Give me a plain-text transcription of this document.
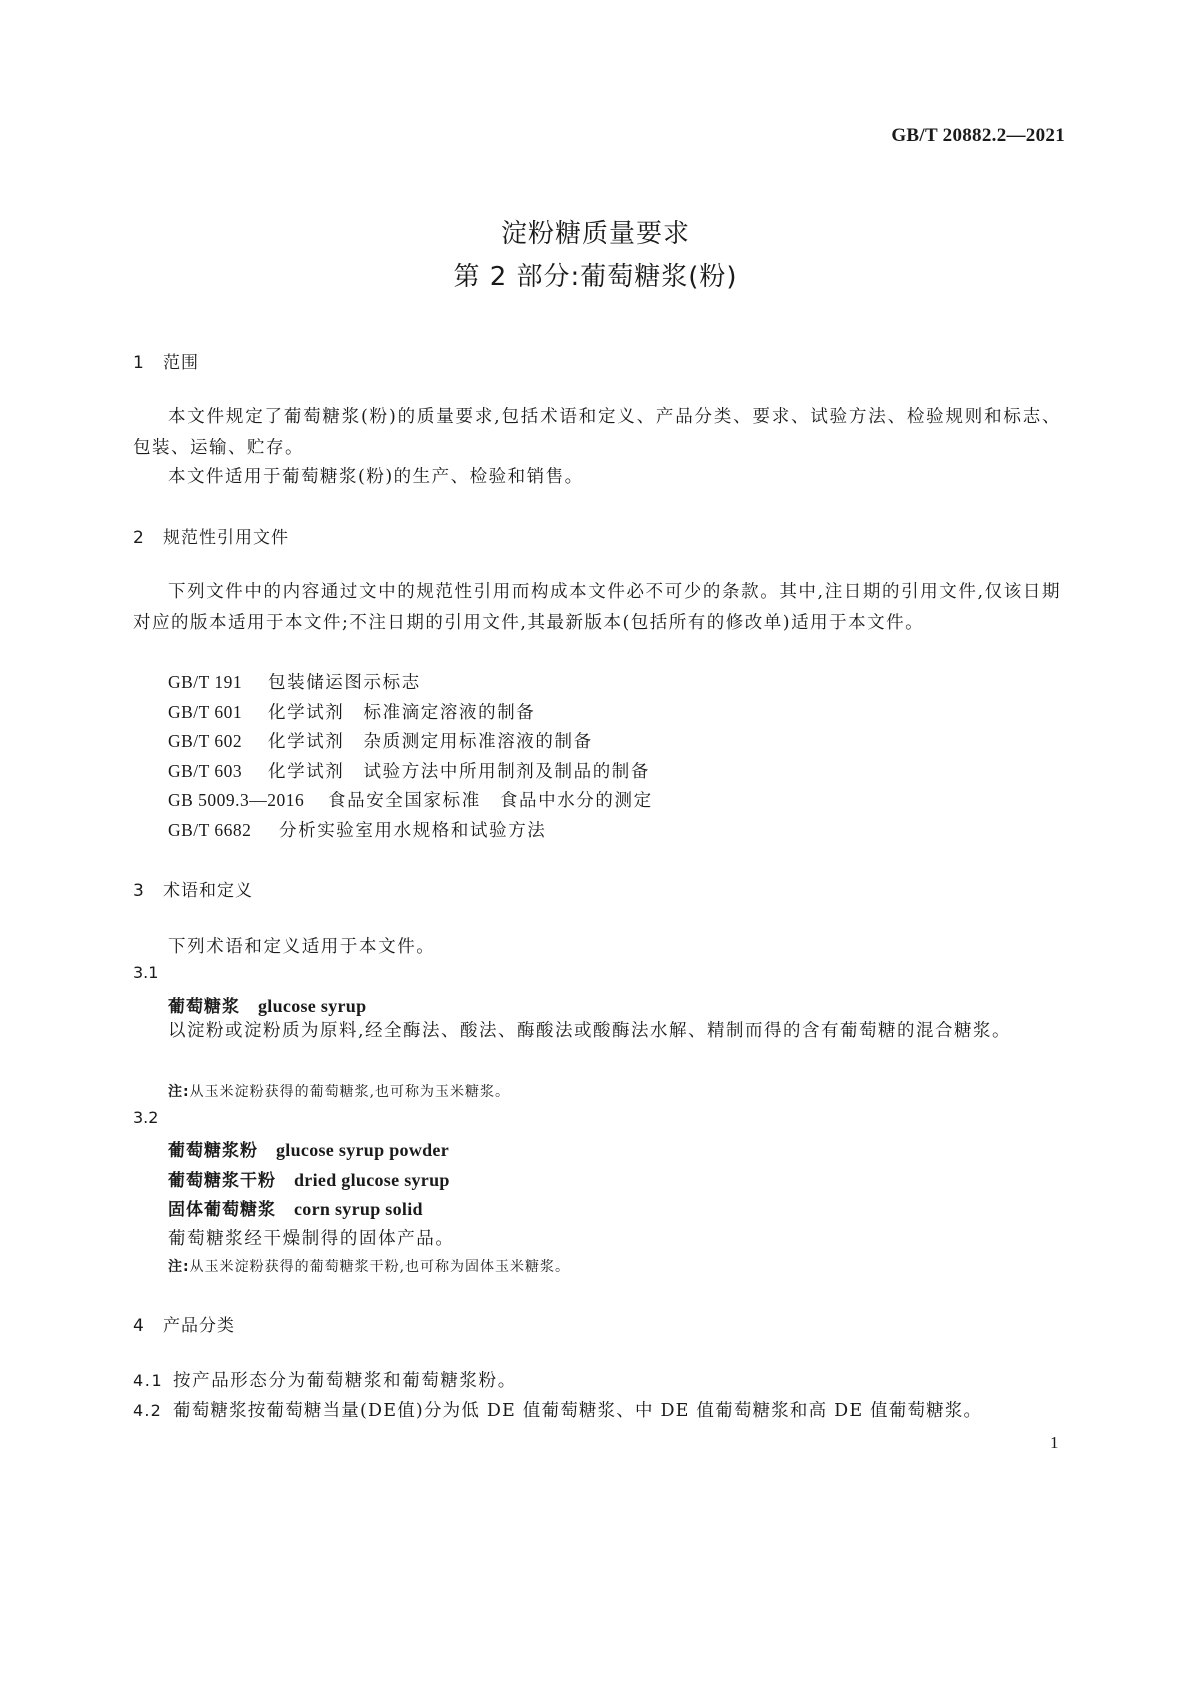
GB/T 20882.2—2021
淀粉糖质量要求
第 2 部分:葡萄糖浆(粉)
1 范围
本文件规定了葡萄糖浆(粉)的质量要求,包括术语和定义、产品分类、要求、试验方法、检验规则和标志、包装、运输、贮存。
本文件适用于葡萄糖浆(粉)的生产、检验和销售。
2 规范性引用文件
下列文件中的内容通过文中的规范性引用而构成本文件必不可少的条款。其中,注日期的引用文件,仅该日期对应的版本适用于本文件;不注日期的引用文件,其最新版本(包括所有的修改单)适用于本文件。
GB/T 191 包装储运图示标志
GB/T 601 化学试剂　标准滴定溶液的制备
GB/T 602 化学试剂　杂质测定用标准溶液的制备
GB/T 603 化学试剂　试验方法中所用制剂及制品的制备
GB 5009.3—2016 食品安全国家标准　食品中水分的测定
GB/T 6682 分析实验室用水规格和试验方法
3 术语和定义
下列术语和定义适用于本文件。
3.1
葡萄糖浆 glucose syrup
以淀粉或淀粉质为原料,经全酶法、酸法、酶酸法或酸酶法水解、精制而得的含有葡萄糖的混合糖浆。
注:从玉米淀粉获得的葡萄糖浆,也可称为玉米糖浆。
3.2
葡萄糖浆粉 glucose syrup powder
葡萄糖浆干粉 dried glucose syrup
固体葡萄糖浆 corn syrup solid
葡萄糖浆经干燥制得的固体产品。
注:从玉米淀粉获得的葡萄糖浆干粉,也可称为固体玉米糖浆。
4 产品分类
4.1 按产品形态分为葡萄糖浆和葡萄糖浆粉。
4.2 葡萄糖浆按葡萄糖当量(DE值)分为低 DE 值葡萄糖浆、中 DE 值葡萄糖浆和高 DE 值葡萄糖浆。
1
